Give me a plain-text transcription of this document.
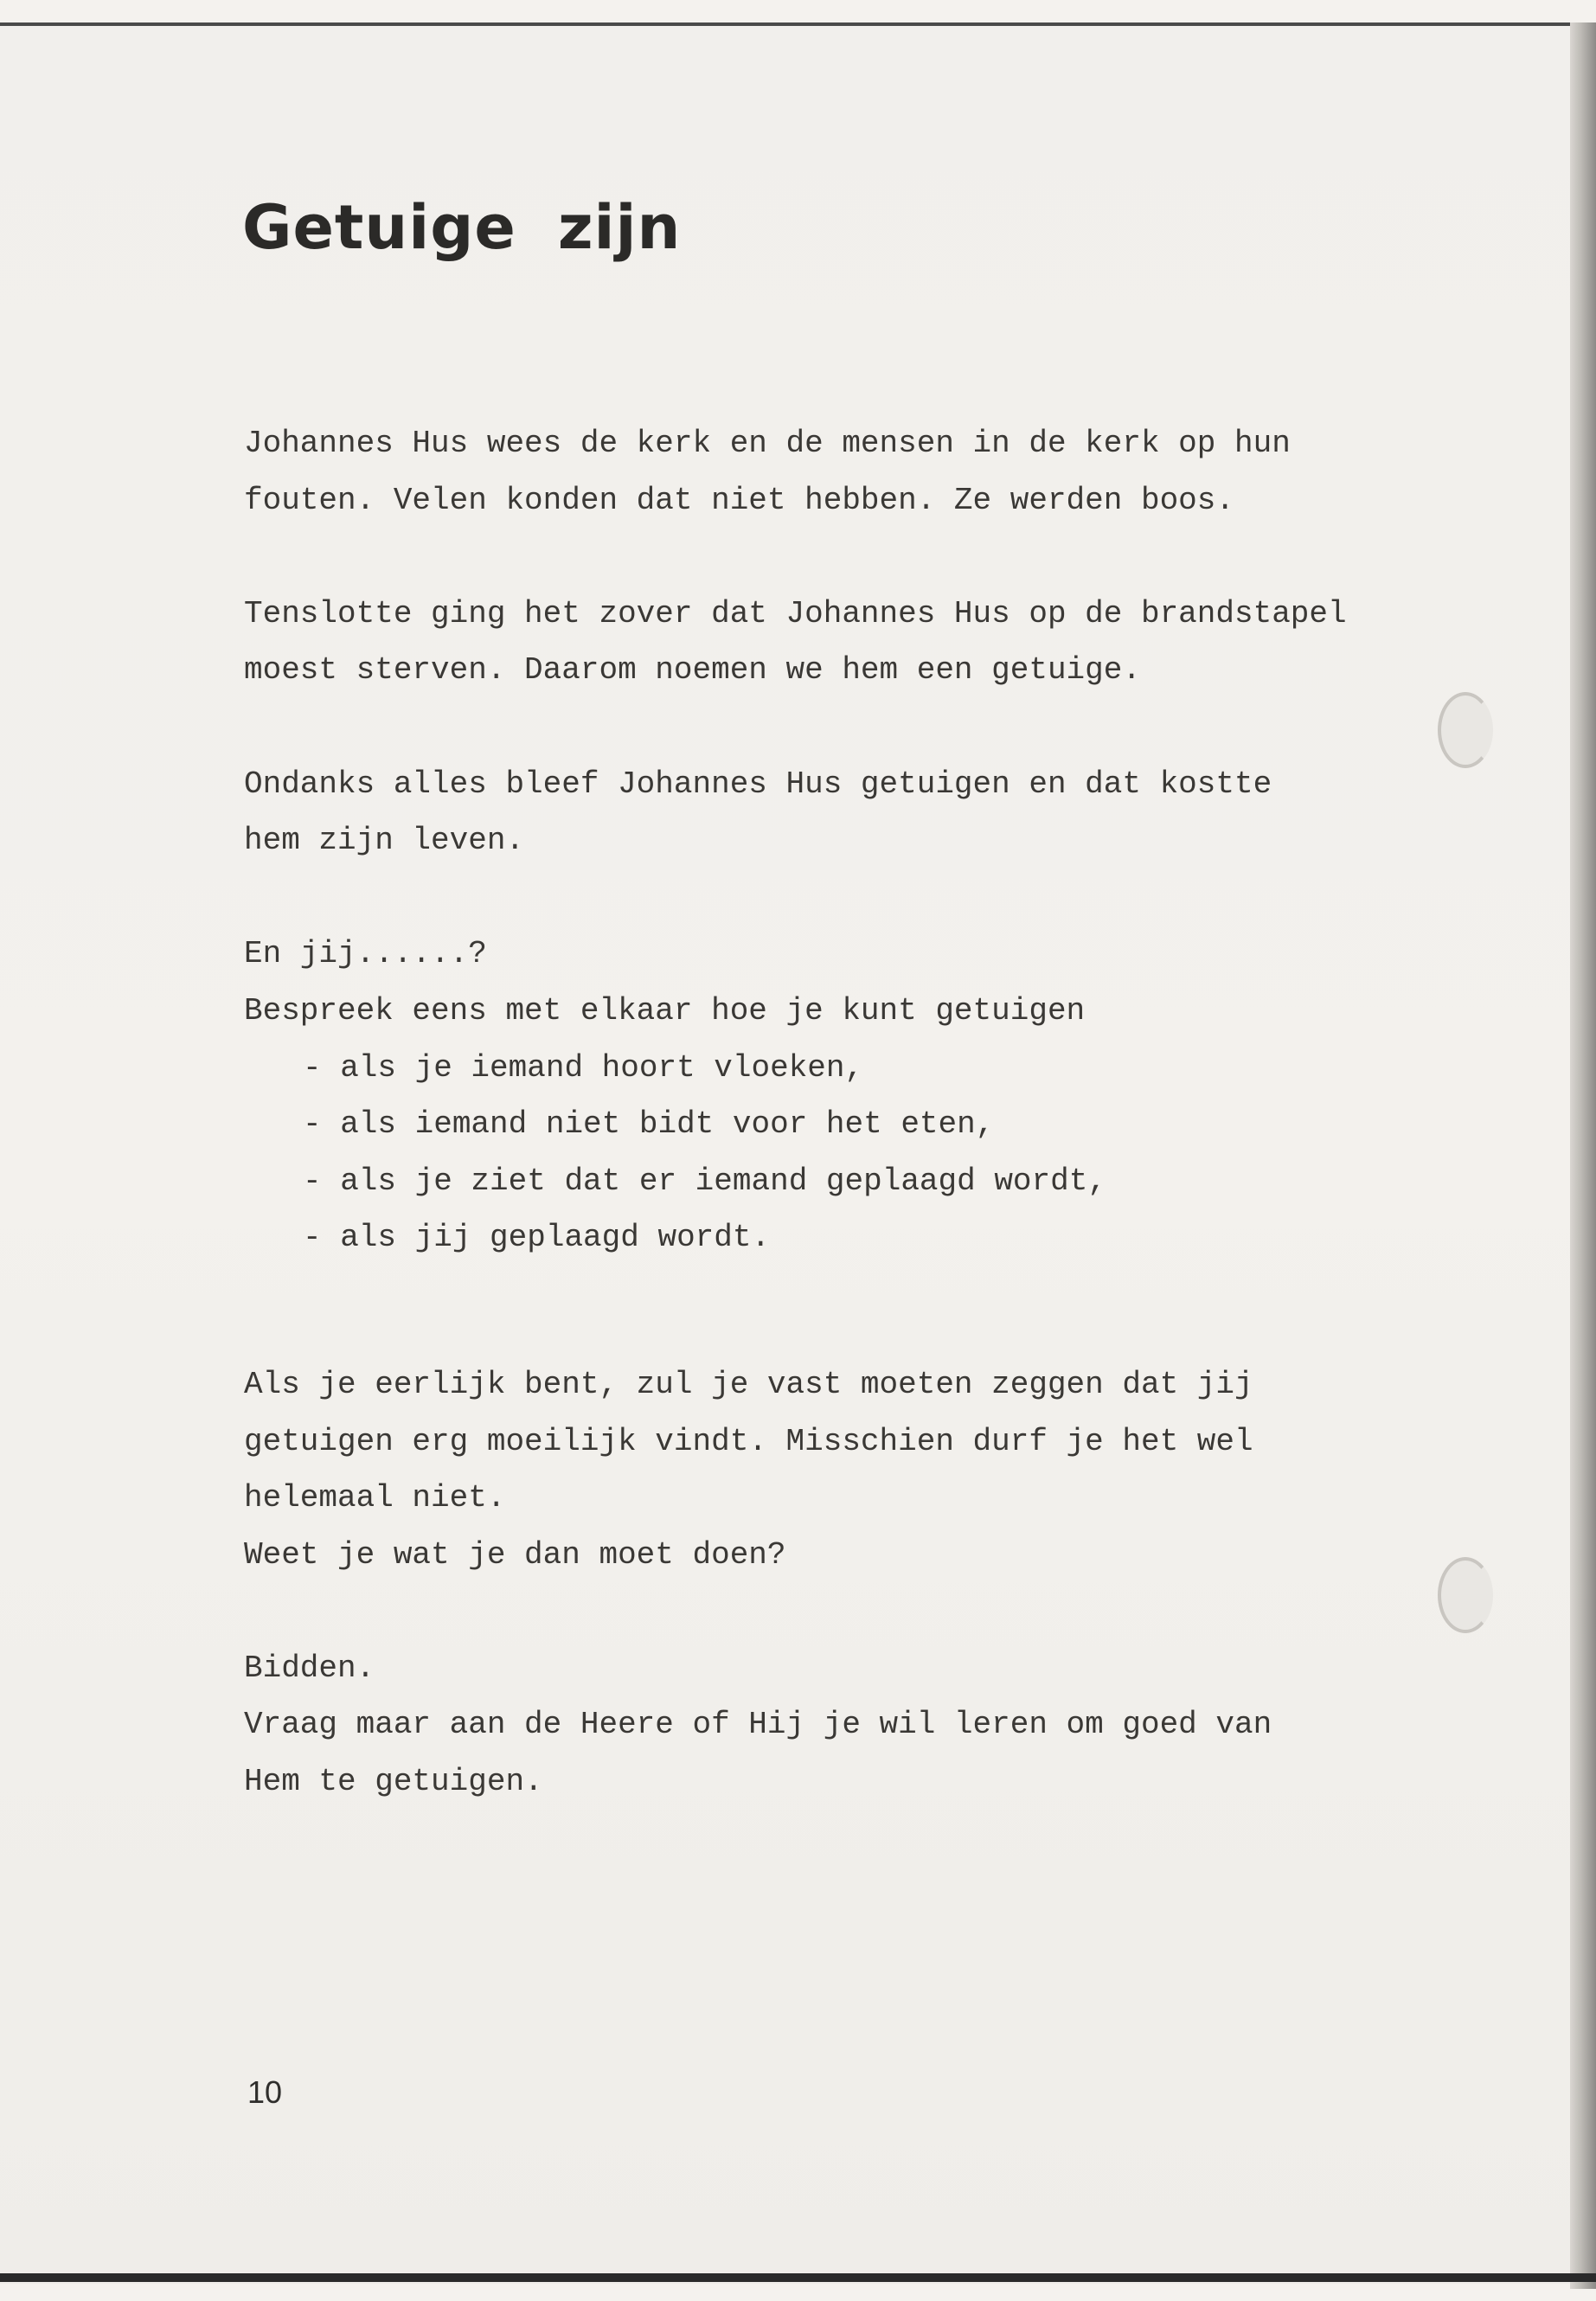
Getuige zijn

Johannes Hus wees de kerk en de mensen in de kerk op hun
fouten. Velen konden dat niet hebben. Ze werden boos.

Tenslotte ging het zover dat Johannes Hus op de brandstapel
moest sterven. Daarom noemen we hem een getuige.

Ondanks alles bleef Johannes Hus getuigen en dat kostte
hem zijn leven.

En jij......?
Bespreek eens met elkaar hoe je kunt getuigen
- als je iemand hoort vloeken,
- als iemand niet bidt voor het eten,
- als je ziet dat er iemand geplaagd wordt,
- als jij geplaagd wordt.

Als je eerlijk bent, zul je vast moeten zeggen dat jij
getuigen erg moeilijk vindt. Misschien durf je het wel
helemaal niet.
Weet je wat je dan moet doen?

Bidden.
Vraag maar aan de Heere of Hij je wil leren om goed van
Hem te getuigen.

10
